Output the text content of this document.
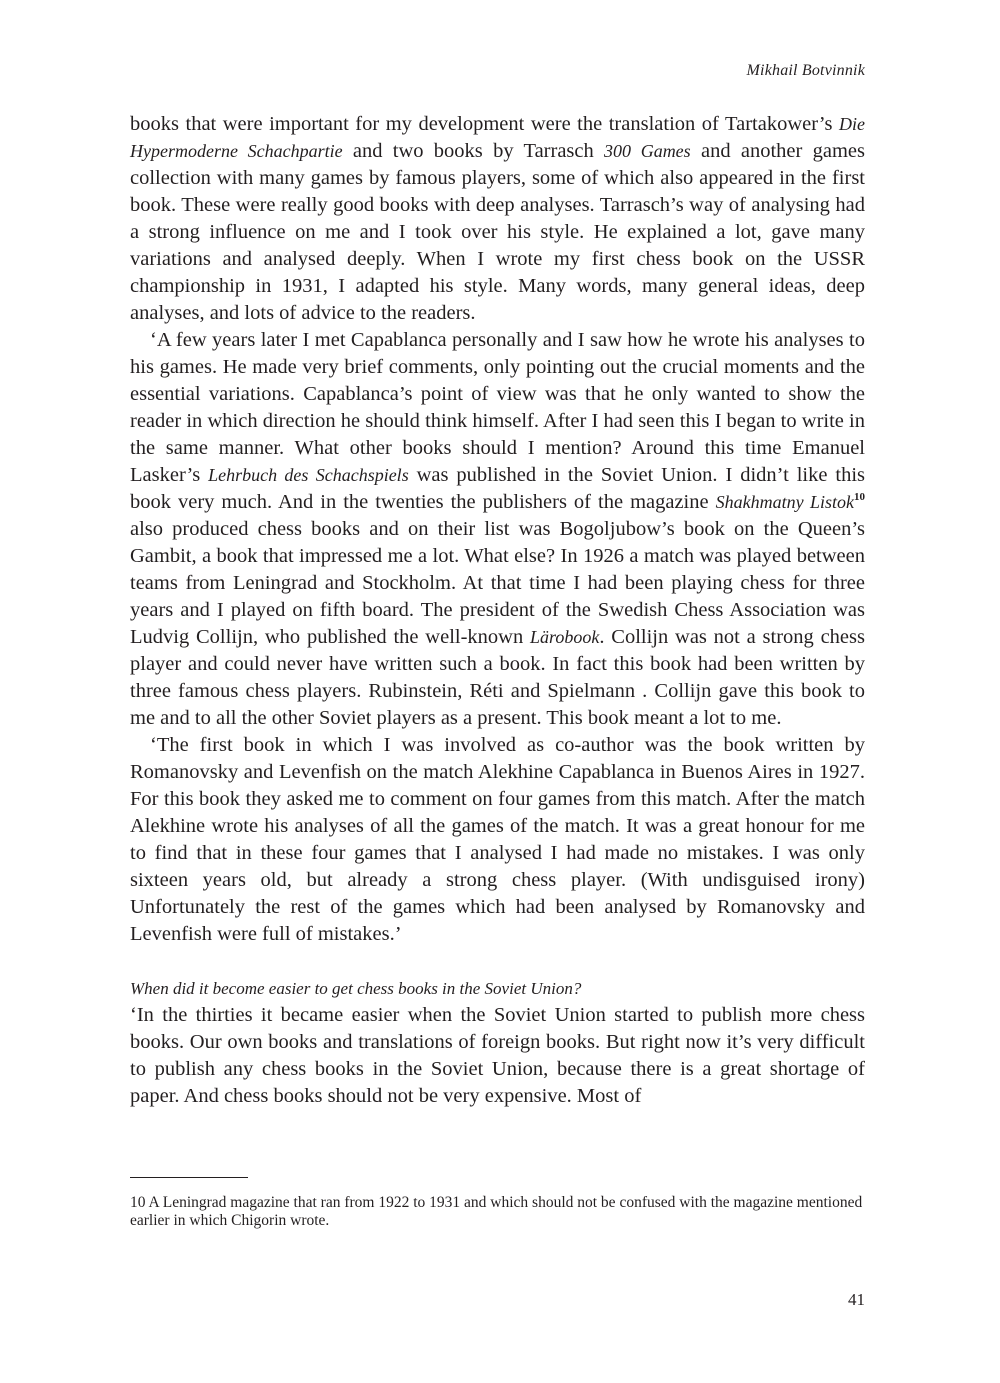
Mikhail Botvinnik

books that were important for my development were the translation of Tartakower’s Die Hypermoderne Schachpartie and two books by Tarrasch 300 Games and another games collection with many games by famous players, some of which also appeared in the first book. These were really good books with deep analyses. Tarrasch’s way of analysing had a strong influence on me and I took over his style. He explained a lot, gave many variations and analysed deeply. When I wrote my first chess book on the USSR championship in 1931, I adapted his style. Many words, many general ideas, deep analyses, and lots of advice to the readers.

‘A few years later I met Capablanca personally and I saw how he wrote his analyses to his games. He made very brief comments, only pointing out the crucial moments and the essential variations. Capablanca’s point of view was that he only wanted to show the reader in which direction he should think himself. After I had seen this I began to write in the same manner. What other books should I mention? Around this time Emanuel Lasker’s Lehrbuch des Schachspiels was published in the Soviet Union. I didn’t like this book very much. And in the twenties the publishers of the magazine Shakhmatny Listok$^{10}$ also produced chess books and on their list was Bogoljubow’s book on the Queen’s Gambit, a book that impressed me a lot. What else? In 1926 a match was played between teams from Leningrad and Stockholm. At that time I had been playing chess for three years and I played on fifth board. The president of the Swedish Chess Association was Ludvig Collijn, who published the well-known Lärobook. Collijn was not a strong chess player and could never have written such a book. In fact this book had been written by three famous chess players. Rubinstein, Réti and Spielmann . Collijn gave this book to me and to all the other Soviet players as a present. This book meant a lot to me.

‘The first book in which I was involved as co-author was the book written by Romanovsky and Levenfish on the match Alekhine Capablanca in Buenos Aires in 1927. For this book they asked me to comment on four games from this match. After the match Alekhine wrote his analyses of all the games of the match. It was a great honour for me to find that in these four games that I analysed I had made no mistakes. I was only sixteen years old, but already a strong chess player. (With undisguised irony) Unfortunately the rest of the games which had been analysed by Romanovsky and Levenfish were full of mistakes.’

When did it become easier to get chess books in the Soviet Union?

‘In the thirties it became easier when the Soviet Union started to publish more chess books. Our own books and translations of foreign books. But right now it’s very difficult to publish any chess books in the Soviet Union, because there is a great shortage of paper. And chess books should not be very expensive. Most of

10 A Leningrad magazine that ran from 1922 to 1931 and which should not be confused with the magazine mentioned earlier in which Chigorin wrote.
41
